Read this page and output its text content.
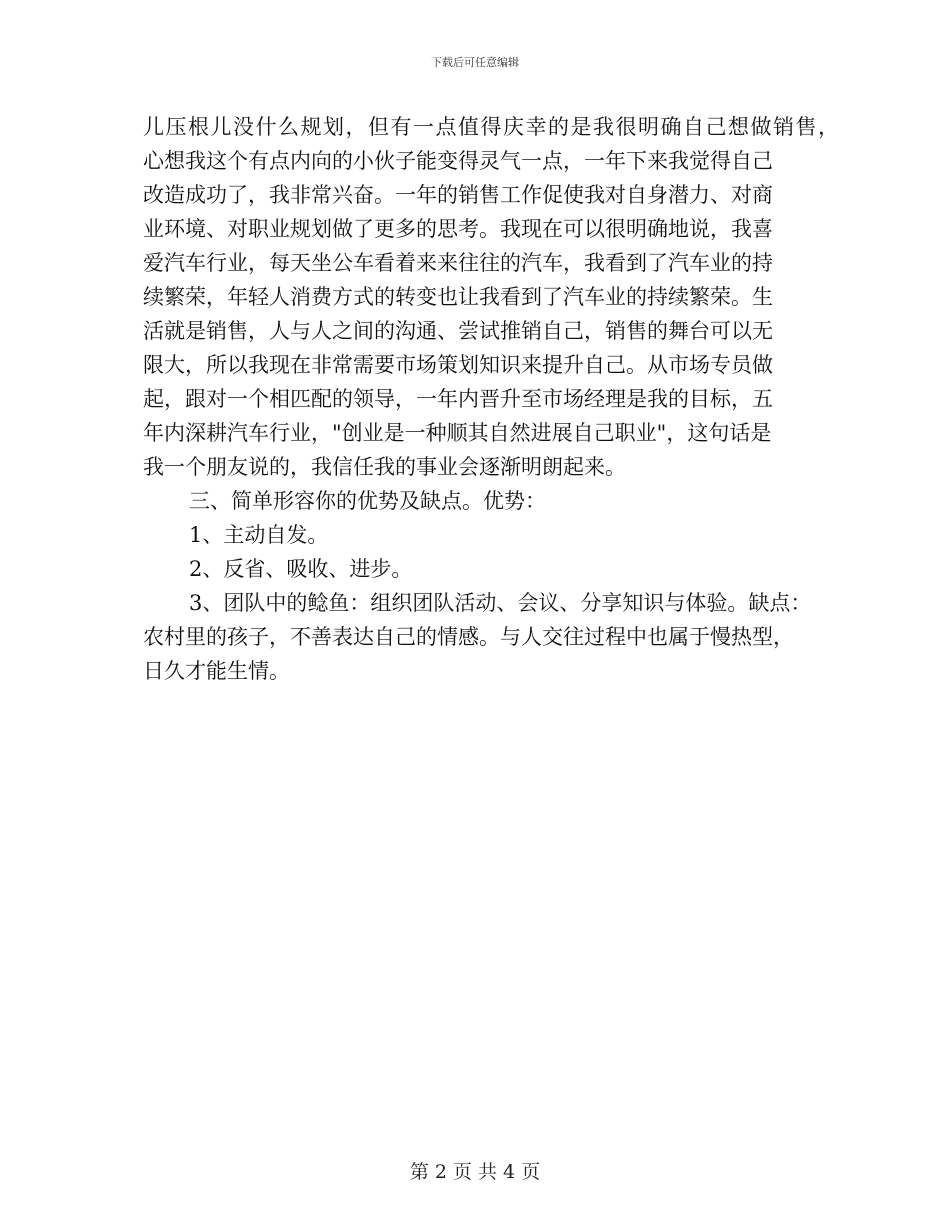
下载后可任意编辑
儿压根儿没什么规划，但有一点值得庆幸的是我很明确自己想做销售，
心想我这个有点内向的小伙子能变得灵气一点，一年下来我觉得自己
改造成功了，我非常兴奋。一年的销售工作促使我对自身潜力、对商
业环境、对职业规划做了更多的思考。我现在可以很明确地说，我喜
爱汽车行业，每天坐公车看着来来往往的汽车，我看到了汽车业的持
续繁荣，年轻人消费方式的转变也让我看到了汽车业的持续繁荣。生
活就是销售，人与人之间的沟通、尝试推销自己，销售的舞台可以无
限大，所以我现在非常需要市场策划知识来提升自己。从市场专员做
起，跟对一个相匹配的领导，一年内晋升至市场经理是我的目标，五
年内深耕汽车行业，"创业是一种顺其自然进展自己职业"，这句话是
我一个朋友说的，我信任我的事业会逐渐明朗起来。
三、简单形容你的优势及缺点。优势：
1、主动自发。
2、反省、吸收、进步。
3、团队中的鲶鱼：组织团队活动、会议、分享知识与体验。缺点：
农村里的孩子，不善表达自己的情感。与人交往过程中也属于慢热型，
日久才能生情。
第 2 页 共 4 页
